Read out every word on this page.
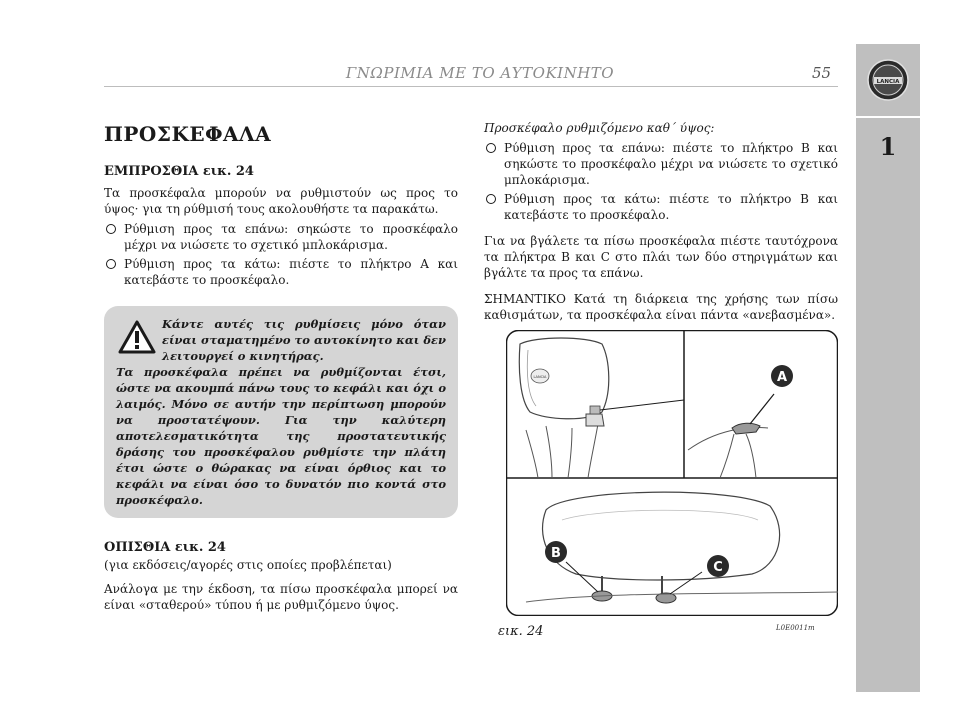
ΓΝΩΡΙΜΙΑ ΜΕ ΤΟ ΑΥΤΟΚΙΝΗΤΟ	55	LANCIA
1
ΠΡΟΣΚΕΦΑΛΑ
ΕΜΠΡΟΣΘΙΑ εικ. 24

Τα προσκέφαλα μπορούν να ρυθμιστούν ως προς το ύψος· για τη ρύθμισή τους ακολουθήστε τα παρακάτω.

Ρύθμιση προς τα επάνω: σηκώστε το προσκέφαλο μέχρι να νιώσετε το σχετικό μπλοκάρισμα.
Ρύθμιση προς τα κάτω: πιέστε το πλήκτρο A και κατεβάστε το προσκέφαλο.
Κάντε αυτές τις ρυθμίσεις μόνο όταν είναι σταματημένο το αυτοκίνητο και δεν λειτουργεί ο κινητήρας.
Τα προσκέφαλα πρέπει να ρυθμίζονται έτσι, ώστε να ακουμπά πάνω τους το κεφάλι και όχι ο λαιμός. Μόνο σε αυτήν την περίπτωση μπορούν να προστατέψουν. Για την καλύτερη αποτελεσματικότητα της προστατευτικής δράσης του προσκέφαλου ρυθμίστε την πλάτη έτσι ώστε ο θώρακας να είναι όρθιος και το κεφάλι να είναι όσο το δυνατόν πιο κοντά στο προσκέφαλο.
ΟΠΙΣΘΙΑ εικ. 24

(για εκδόσεις/αγορές στις οποίες προβλέπεται)

Ανάλογα με την έκδοση, τα πίσω προσκέφαλα μπορεί να είναι «σταθερού» τύπου ή με ρυθμιζόμενο ύψος.

Προσκέφαλο ρυθμιζόμενο καθ΄ ύψος:

Ρύθμιση προς τα επάνω: πιέστε το πλήκτρο B και σηκώστε το προσκέφαλο μέχρι να νιώσετε το σχετικό μπλοκάρισμα.
Ρύθμιση προς τα κάτω: πιέστε το πλήκτρο B και κατεβάστε το προσκέφαλο.

Για να βγάλετε τα πίσω προσκέφαλα πιέστε ταυτόχρονα τα πλήκτρα B και C στο πλάι των δύο στηριγμάτων και βγάλτε τα προς τα επάνω.

ΣΗΜΑΝΤΙΚΟ Κατά τη διάρκεια της χρήσης των πίσω καθισμάτων, τα προσκέφαλα είναι πάντα «ανεβασμένα».

LANCIA	A
B
C
εικ. 24	L0E0011m
